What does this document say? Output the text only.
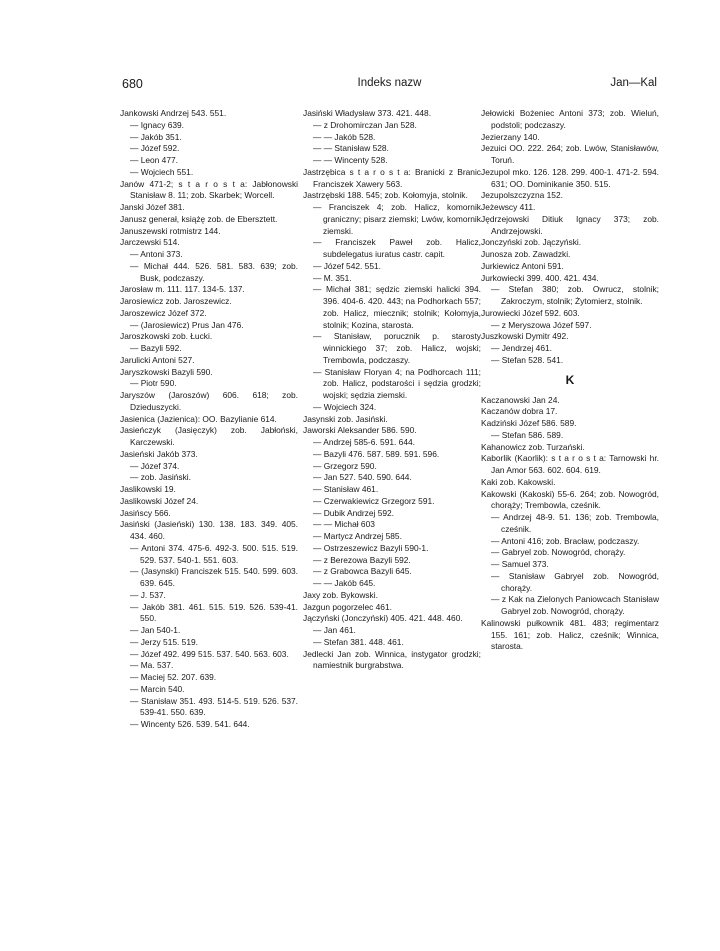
680	Indeks nazw	Jan—Kal
Jankowski Andrzej 543. 551.
— Ignacy 639.
— Jakób 351.
— Józef 592.
— Leon 477.
— Wojciech 551.
Janów 471-2; s t a r o s t a: Jabłonowski Stanisław 8. 11; zob. Skarbek; Worcell.
Janski Józef 381.
Janusz generał, książę zob. de Ebersztett.
Januszewski rotmistrz 144.
Jarczewski 514.
— Antoni 373.
— Michał 444. 526. 581. 583. 639; zob. Busk, podczaszy.
Jarosław m. 111. 117. 134-5. 137.
Jarosiewicz zob. Jaroszewicz.
Jaroszewicz Józef 372.
— (Jarosiewicz) Prus Jan 476.
Jaroszkowski zob. Łucki.
— Bazyli 592.
Jarulicki Antoni 527.
Jaryszkowski Bazyli 590.
— Piotr 590.
Jaryszów (Jaroszów) 606. 618; zob. Dzieduszycki.
Jasienica (Jazienica): OO. Bazylianie 614.
Jasieńczyk (Jasięczyk) zob. Jabłoński, Karczewski.
Jasieński Jakób 373.
— Józef 374.
— zob. Jasiński.
Jaslikowski 19.
Jaslikowski Józef 24.
Jasińscy 566.
Jasiński (Jasieński) 130. 138. 183. 349. 405. 434. 460.
— Antoni 374. 475-6. 492-3. 500. 515. 519. 529. 537. 540-1. 551. 603.
— (Jasynski) Franciszek 515. 540. 599. 603. 639. 645.
— J. 537.
— Jakób 381. 461. 515. 519. 526. 539-41. 550.
— Jan 540-1.
— Jerzy 515. 519.
— Józef 492. 499 515. 537. 540. 563. 603.
— Ma. 537.
— Maciej 52. 207. 639.
— Marcin 540.
— Stanisław 351. 493. 514-5. 519. 526. 537. 539-41. 550. 639.
— Wincenty 526. 539. 541. 644.
Jasiński Władysław 373. 421. 448.
— z Drohomirczan Jan 528.
— — Jakób 528.
— — Stanisław 528.
— — Wincenty 528.
Jastrzębica s t a r o s t a: Branicki z Branic Franciszek Xawery 563.
Jastrzębski 188. 545; zob. Kołomyja, stolnik.
— Franciszek 4; zob. Halicz, komornik graniczny; pisarz ziemski; Lwów, komornik ziemski.
— Franciszek Paweł zob. Halicz, subdelegatus iuratus castr. capit.
— Józef 542. 551.
— M. 351.
— Michał 381; sędzic ziemski halicki 394. 396. 404-6. 420. 443; na Podhorkach 557; zob. Halicz, miecznik; stolnik; Kołomyja, stolnik; Kozina, starosta.
— Stanisław, porucznik p. starosty winnickiego 37; zob. Halicz, wojski; Trembowla, podczaszy.
— Stanisław Floryan 4; na Podhorcach 111; zob. Halicz, podstarości i sędzia grodzki; wojski; sędzia ziemski.
— Wojciech 324.
Jasynski zob. Jasiński.
Jaworski Aleksander 586. 590.
— Andrzej 585-6. 591. 644.
— Bazyli 476. 587. 589. 591. 596.
— Grzegorz 590.
— Jan 527. 540. 590. 644.
— Stanisław 461.
— Czerwakiewicz Grzegorz 591.
— Dubik Andrzej 592.
— — Michał 603
— Martycz Andrzej 585.
— Ostrzeszewicz Bazyli 590-1.
— z Berezowa Bazyli 592.
— z Grabowca Bazyli 645.
— — Jakób 645.
Jaxy zob. Bykowski.
Jazgun pogorzelec 461.
Jączyński (Jonczyński) 405. 421. 448. 460.
— Jan 461.
— Stefan 381. 448. 461.
Jedlecki Jan zob. Winnica, instygator grodzki; namiestnik burgrabstwa.
Jełowicki Bożeniec Antoni 373; zob. Wieluń, podstoli; podczaszy.
Jezierzany 140.
Jezuici OO. 222. 264; zob. Lwów, Stanisławów, Toruń.
Jezupol mko. 126. 128. 299. 400-1. 471-2. 594. 631; OO. Dominikanie 350. 515.
Jezupolszczyzna 152.
Jeżewscy 411.
Jędrzejowski Ditiuk Ignacy 373; zob. Andrzejowski.
Jonczyński zob. Jączyński.
Junosza zob. Zawadzki.
Jurkiewicz Antoni 591.
Jurkowiecki 399. 400. 421. 434.
— Stefan 380; zob. Owrucz, stolnik; Zakroczym, stolnik; Żytomierz, stolnik.
Jurowiecki Józef 592. 603.
— z Meryszowa Józef 597.
Juszkowski Dymitr 492.
— Jendrzej 461.
— Stefan 528. 541.
K
Kaczanowski Jan 24.
Kaczanów dobra 17.
Kadziński Józef 586. 589.
— Stefan 586. 589.
Kahanowicz zob. Turzański.
Kaborlik (Kaorlik): s t a r o s t a: Tarnowski hr. Jan Amor 563. 602. 604. 619.
Kaki zob. Kakowski.
Kakowski (Kakoski) 55-6. 264; zob. Nowogród, chorąży; Trembowla, cześnik.
— Andrzej 48-9. 51. 136; zob. Trembowla, cześnik.
— Antoni 416; zob. Bracław, podczaszy.
— Gabryel zob. Nowogród, chorąży.
— Samuel 373.
— Stanisław Gabryel zob. Nowogród, chorąży.
— z Kak na Zielonych Paniowcach Stanisław Gabryel zob. Nowogród, chorąży.
Kalinowski pułkownik 481. 483; regimentarz 155. 161; zob. Halicz, cześnik; Winnica, starosta.
